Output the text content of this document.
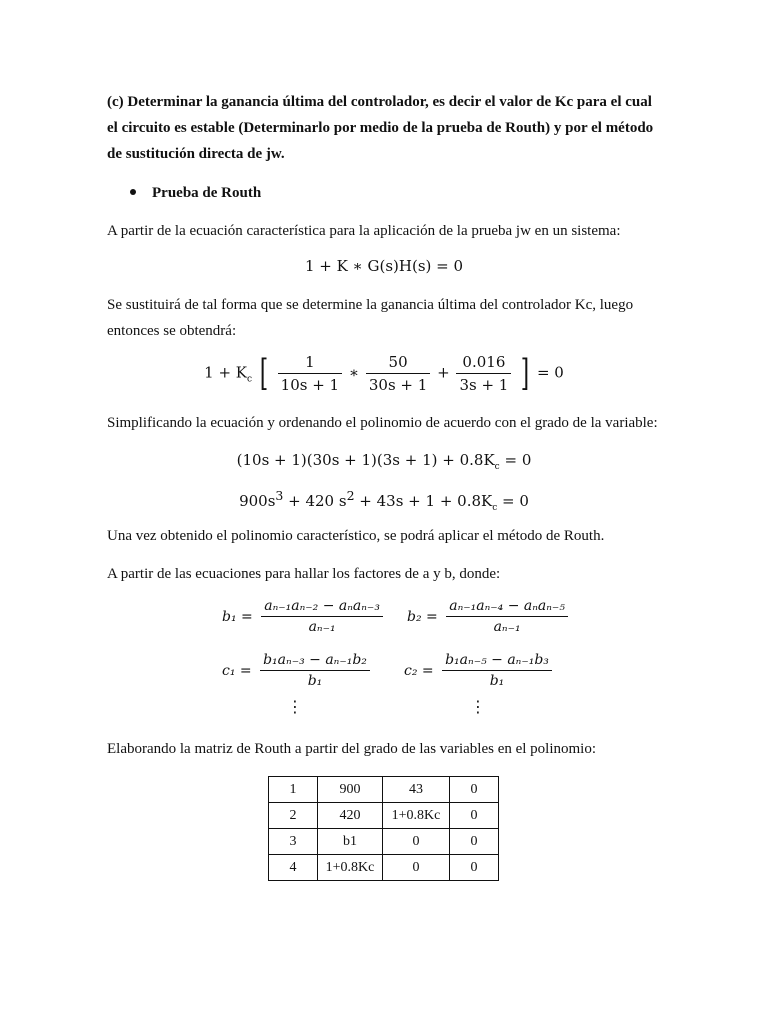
(c) Determinar la ganancia última del controlador, es decir el valor de Kc para el cual
el circuito es estable (Determinarlo por medio de la prueba de Routh) y por el método
de sustitución directa de jw.

Prueba de Routh

A partir de la ecuación característica para la aplicación de la prueba jw en un sistema:

1 + K ∗ G(s)H(s) = 0

Se sustituirá de tal forma que se determine la ganancia última del controlador Kc, luego
entonces se obtendrá:

$1 + K_c$ [ $\frac{1}{10s + 1}$ ∗ $\frac{50}{30s + 1} + \frac{0.016}{3s + 1}$ ] = 0

Simplificando la ecuación y ordenando el polinomio de acuerdo con el grado de la variable:

$(10s + 1)(30s + 1)(3s + 1) + 0.8K_c = 0$
$900s^3 + 420$ $s^2 + 43s + 1 + 0.8K_c = 0$

Una vez obtenido el polinomio característico, se podrá aplicar el método de Routh.

A partir de las ecuaciones para hallar los factores de a y b, donde:

b₁ =
aₙ₋₁aₙ₋₂ − aₙaₙ₋₃
aₙ₋₁
b₂ =
aₙ₋₁aₙ₋₄ − aₙaₙ₋₅
aₙ₋₁
$c_1 = \frac{\text{b₁aₙ₋₃ − aₙ₋₁b₂}}{\text{b₁}} c_2 = \frac{\text{b₁aₙ₋₅ − aₙ₋₁b₃}}{\text{b₁}}$
⋮	⋮

Elaborando la matriz de Routh a partir del grado de las variables en el polinomio:

1	900	43	0
2	420	1+0.8Kc	0
3	b1	0	0
4	1+0.8Kc	0	0
